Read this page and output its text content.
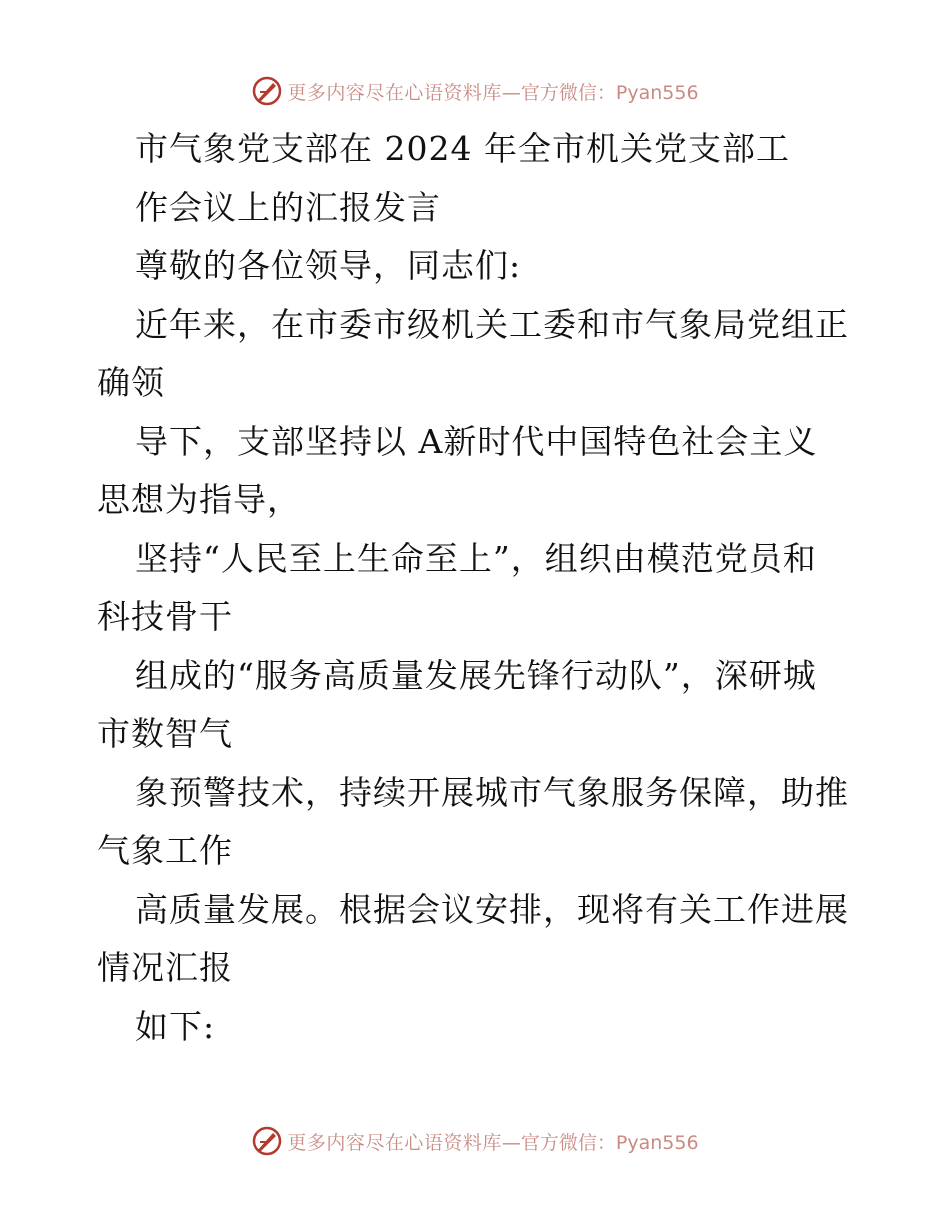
更多内容尽在心语资料库 —官方微信：Pyan556
市气象党支部在 2024 年全市机关党支部工
作会议上的汇报发言
尊敬的各位领导，同志们:
近年来，在市委市级机关工委和市气象局党组正
确领
导下，支部坚持以 A新时代中国特色社会主义
思想为指导，
坚持“人民至上生命至上”，组织由模范党员和
科技骨干
组成的“服务高质量发展先锋行动队”，深研城
市数智气
象预警技术，持续开展城市气象服务保障，助推
气象工作
高质量发展。根据会议安排，现将有关工作进展
情况汇报
如下:
更多内容尽在心语资料库 —官方微信：Pyan556
